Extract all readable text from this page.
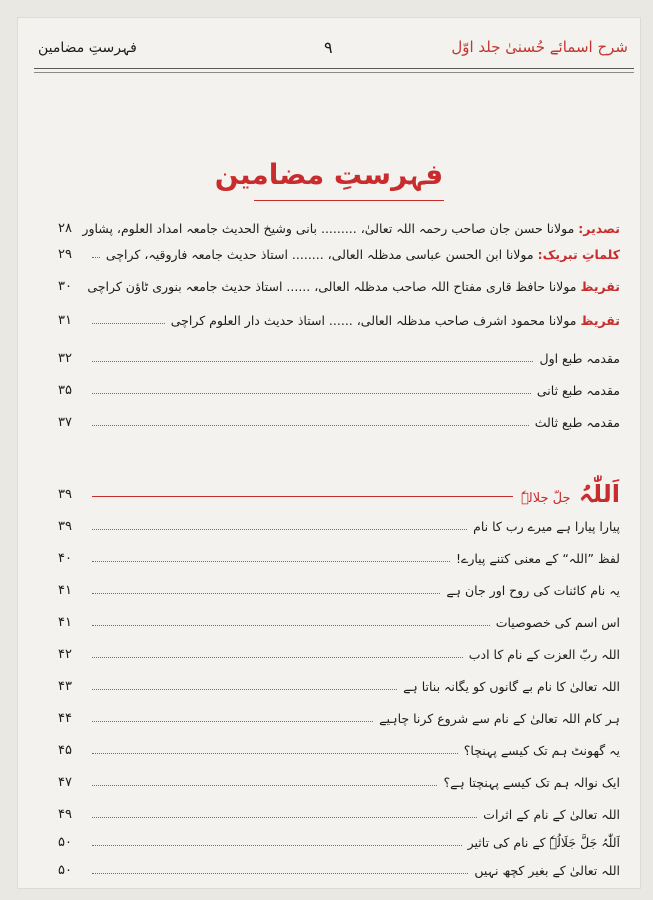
فہرستِ مضامین	۹	شرح اسمائے حُسنیٰ جلد اوّل
فہرستِ مضامین
تصدیر: مولانا حسن جان صاحب رحمہ اللہ تعالیٰ، ......... بانی وشیخ الحدیث جامعہ امداد العلوم، پشاور
۲۸
کلماتِ تبریک: مولانا ابن الحسن عباسی مدظلہ العالی، ........ استاذ حدیث جامعہ فاروقیہ، کراچی
۲۹
تقریظ مولانا حافظ قاری مفتاح اللہ صاحب مدظلہ العالی، ...... استاذ حدیث جامعہ بنوری ٹاؤن کراچی
۳۰
تقریظ مولانا محمود اشرف صاحب مدظلہ العالی، ...... استاذ حدیث دار العلوم کراچی
۳۱
مقدمہ طبع اول
۳۲
مقدمہ طبع ثانی
۳۵
مقدمہ طبع ثالث
۳۷
اَللّٰہُ جلّ جلالہٗ
۳۹
پیارا پیارا ہے میرے رب کا نام
۳۹
لفظ ”اللہ“ کے معنی کتنے پیارے!
۴۰
یہ نام کائنات کی روح اور جان ہے
۴۱
اس اسم کی خصوصیات
۴۱
اللہ ربّ العزت کے نام کا ادب
۴۲
اللہ تعالیٰ کا نام بے گانوں کو یگانہ بناتا ہے
۴۳
ہر کام اللہ تعالیٰ کے نام سے شروع کرنا چاہیے
۴۴
یہ گھونٹ ہم تک کیسے پہنچا؟
۴۵
ایک نوالہ ہم تک کیسے پہنچتا ہے؟
۴۷
اللہ تعالیٰ کے نام کے اثرات
۴۹
اَللّٰہُ جَلَّ جَلَالُہٗ کے نام کی تاثیر
۵۰
اللہ تعالیٰ کے بغیر کچھ نہیں
۵۰
